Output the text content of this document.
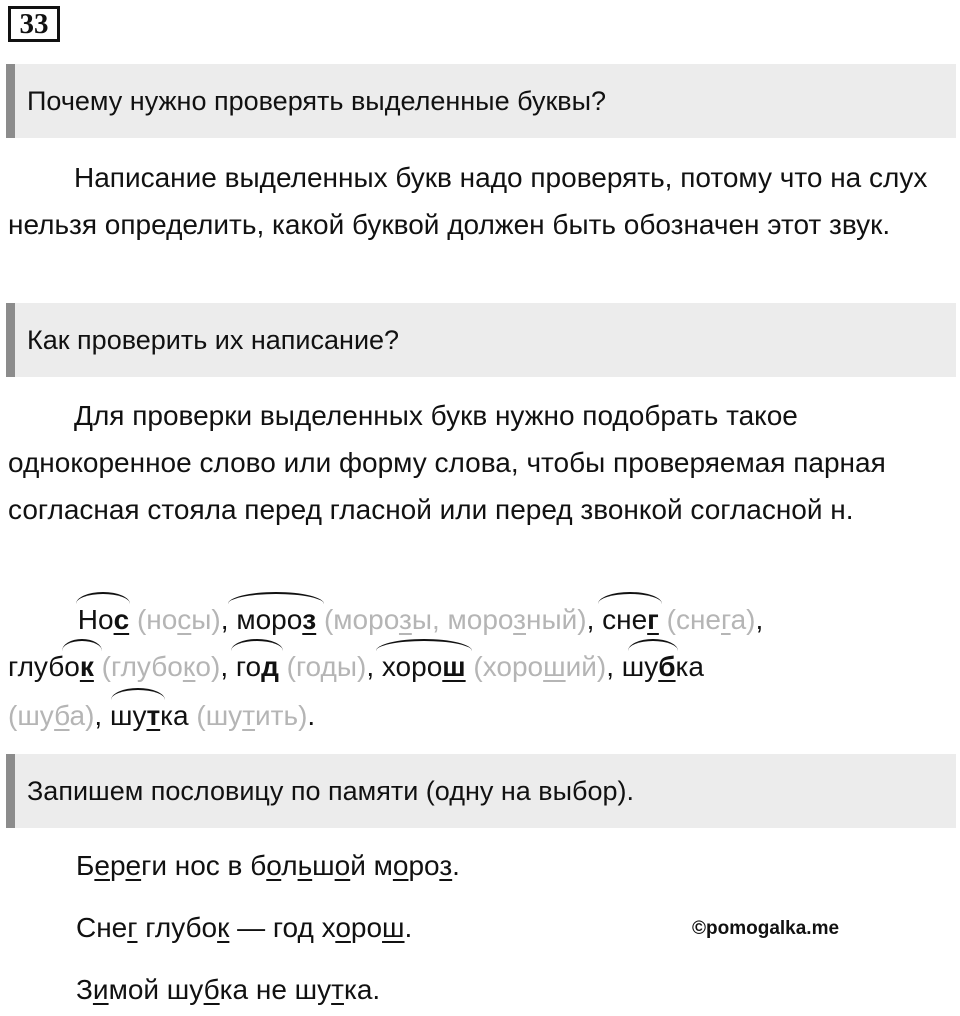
33
Почему нужно проверять выделенные буквы?
Написание выделенных букв надо проверять, потому что на слух нельзя определить, какой буквой должен быть обозначен этот звук.
Как проверить их написание?
Для проверки выделенных букв нужно подобрать такое однокоренное слово или форму слова, чтобы проверяемая парная согласная стояла перед гласной или перед звонкой согласной н.

Нос (носы),
мороз (морозы, морозный),
снег (снега),
глубок (глубоко),
год (годы),
хорош (хороший),
шубка
(шуба),
шутка (шутить).
Запишем пословицу по памяти (одну на выбор).
Береги нос в большой мороз.
Снег глубок — год хорош.
Зимой шубка не шутка.
©pomogalka.me
